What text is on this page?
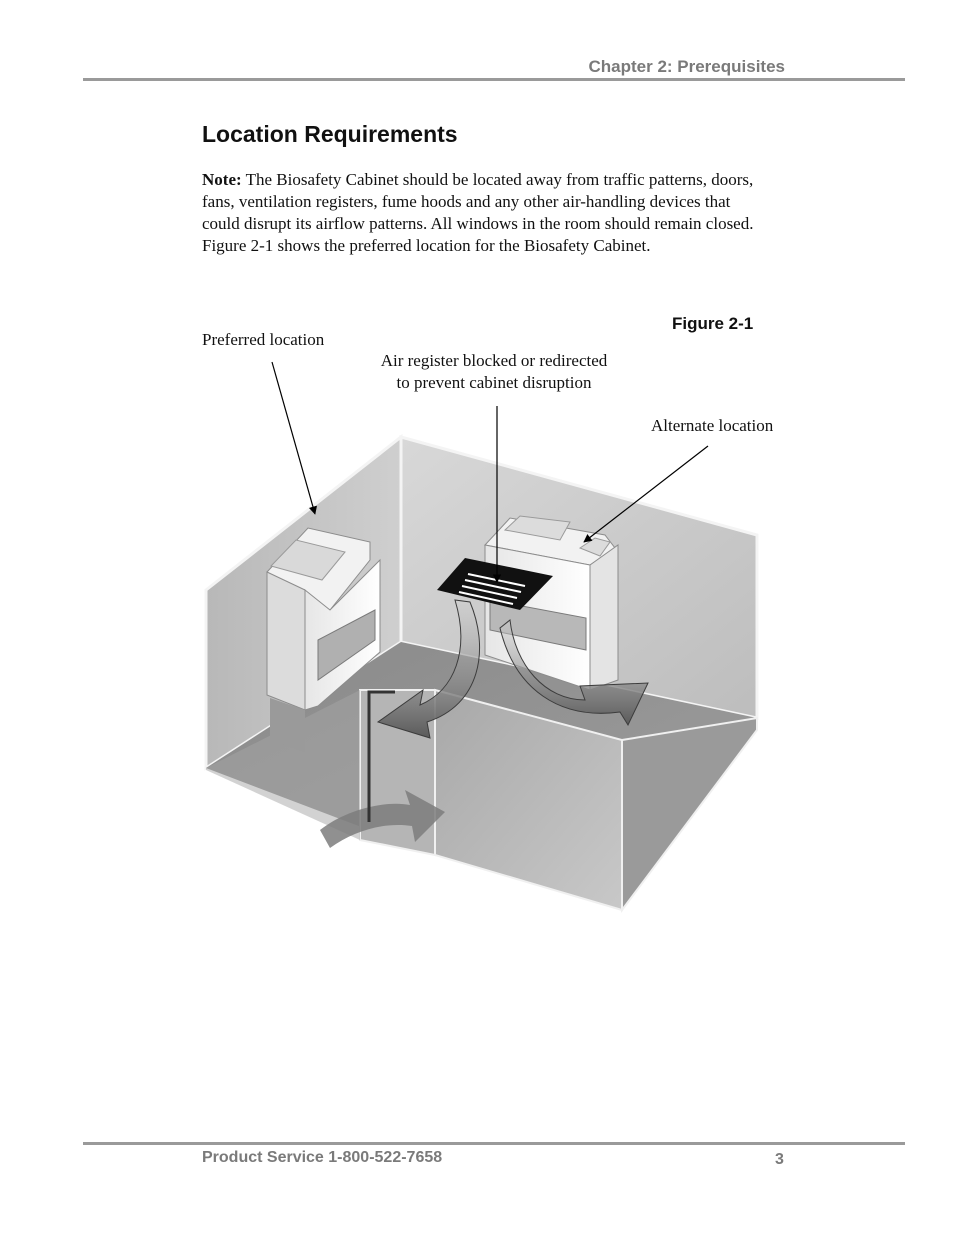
Chapter 2: Prerequisites
Location Requirements

Note: The Biosafety Cabinet should be located away from traffic patterns, doors, fans, ventilation registers, fume hoods and any other air-handling devices that could disrupt its airflow patterns. All windows in the room should remain closed. Figure 2-1 shows the preferred location for the Biosafety Cabinet.

Figure 2-1
Preferred location
Air register blocked or redirected
to prevent cabinet disruption
Alternate location
Product Service 1-800-522-7658	3
